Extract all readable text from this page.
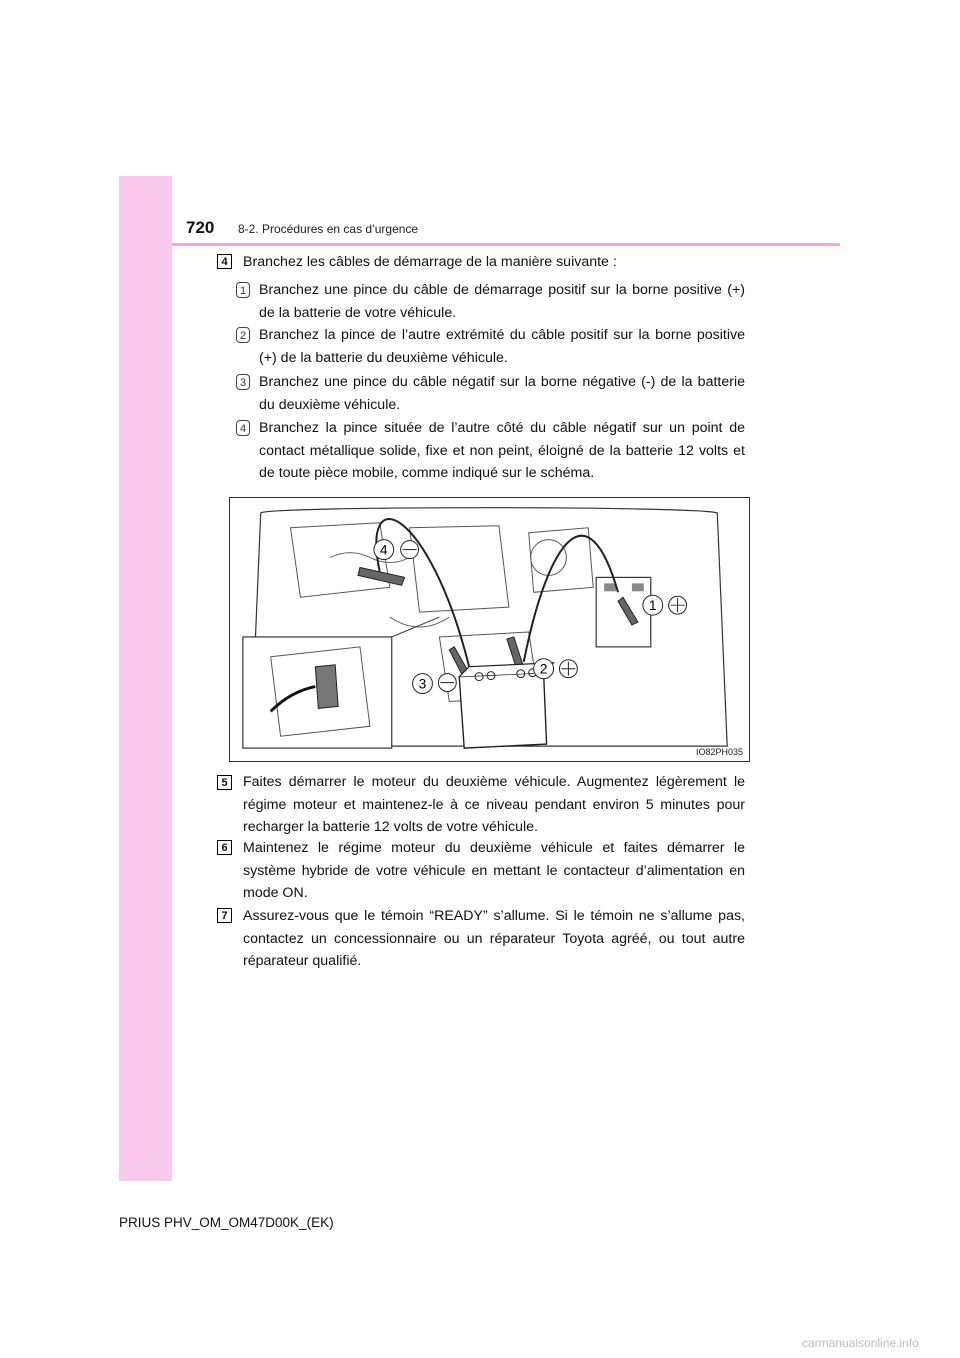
720 8-2. Procédures en cas d’urgence
4	Branchez les câbles de démarrage de la manière suivante :
1 Branchez une pince du câble de démarrage positif sur la borne positive (+) de la batterie de votre véhicule.
2 Branchez la pince de l’autre extrémité du câble positif sur la borne positive (+) de la batterie du deuxième véhicule.
3 Branchez une pince du câble négatif sur la borne négative (-) de la batterie du deuxième véhicule.
4 Branchez la pince située de l’autre côté du câble négatif sur un point de contact métallique solide, fixe et non peint, éloigné de la batterie 12 volts et de toute pièce mobile, comme indiqué sur le schéma.
1
2
3
4
IO82PH035
5	Faites démarrer le moteur du deuxième véhicule. Augmentez légèrement le régime moteur et maintenez-le à ce niveau pendant environ 5 minutes pour recharger la batterie 12 volts de votre véhicule.
6	Maintenez le régime moteur du deuxième véhicule et faites démarrer le système hybride de votre véhicule en mettant le contacteur d’alimentation en mode ON.
7	Assurez-vous que le témoin “READY” s’allume. Si le témoin ne s’allume pas, contactez un concessionnaire ou un réparateur Toyota agréé, ou tout autre réparateur qualifié.
PRIUS PHV_OM_OM47D00K_(EK)
carmanualsonline.info
